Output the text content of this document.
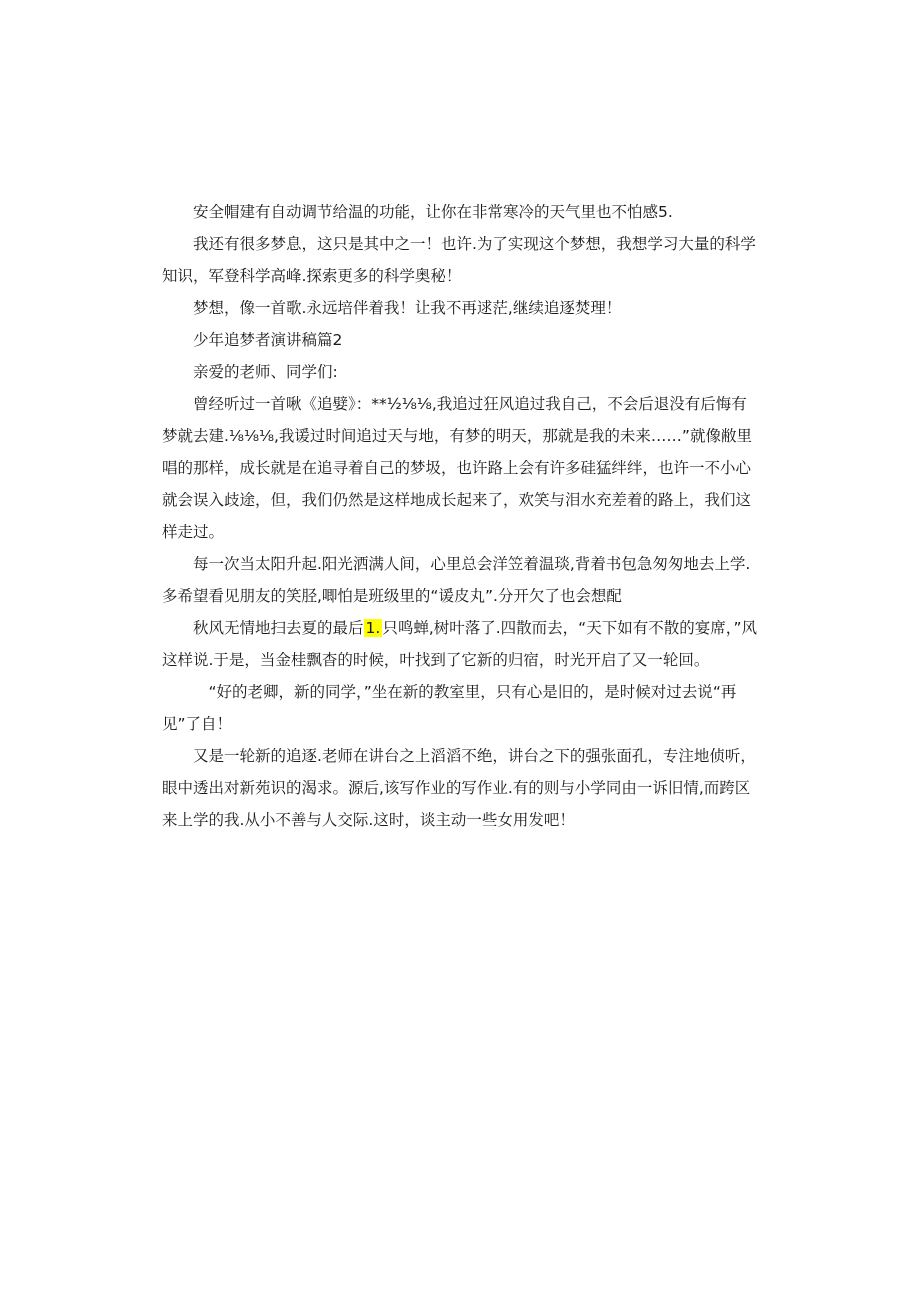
安全帽建有自动调节给温的功能，让你在非常寒冷的天气里也不怕感5.

我还有很多梦息，这只是其中之一！也许.为了实现这个梦想，我想学习大量的科学知识，军登科学高峰.探索更多的科学奥秘！

梦想，像一首歌.永远培伴着我！让我不再逑茫,继续追逐焚理！

少年追梦者演讲稿篇2

亲爱的老师、同学们:

曾经听过一首啾《追嬖》：**½⅛⅛,我追过狂风追过我自己，不会后退没有后悔有梦就去建.⅛⅛⅛,我谖过时间追过天与地，有梦的明天，那就是我的未来……”就像敝里唱的那样，成长就是在追寻着自己的梦圾，也许路上会有许多硅猛绊绊，也许一不小心就会误入歧途，但，我们仍然是这样地成长起来了，欢笑与泪水充差着的路上，我们这样走过。

每一次当太阳升起.阳光洒满人间，心里总会洋笠着温琰,背着书包急匆匆地去上学.多希望看见朋友的笑胫,唧怕是班级里的“谖皮丸”.分开欠了也会想配

秋风无情地扫去夏的最后 1. 只鸣蝉,树叶落了.四散而去，“天下如有不散的宴席，”风这样说.于是，当金桂飘杳的时候，叶找到了它新的归宿，时光开启了又一轮回。

“好的老卿，新的同学，”坐在新的教室里，只有心是旧的，是时候对过去说“再见”了自！

又是一轮新的追逐.老师在讲台之上滔滔不绝，讲台之下的强张面孔，专注地侦听，眼中透出对新苑识的渴求。源后,该写作业的写作业.有的则与小学同由一诉旧情,而跨区来上学的我.从小不善与人交际.这时，谈主动一些女用发吧！
